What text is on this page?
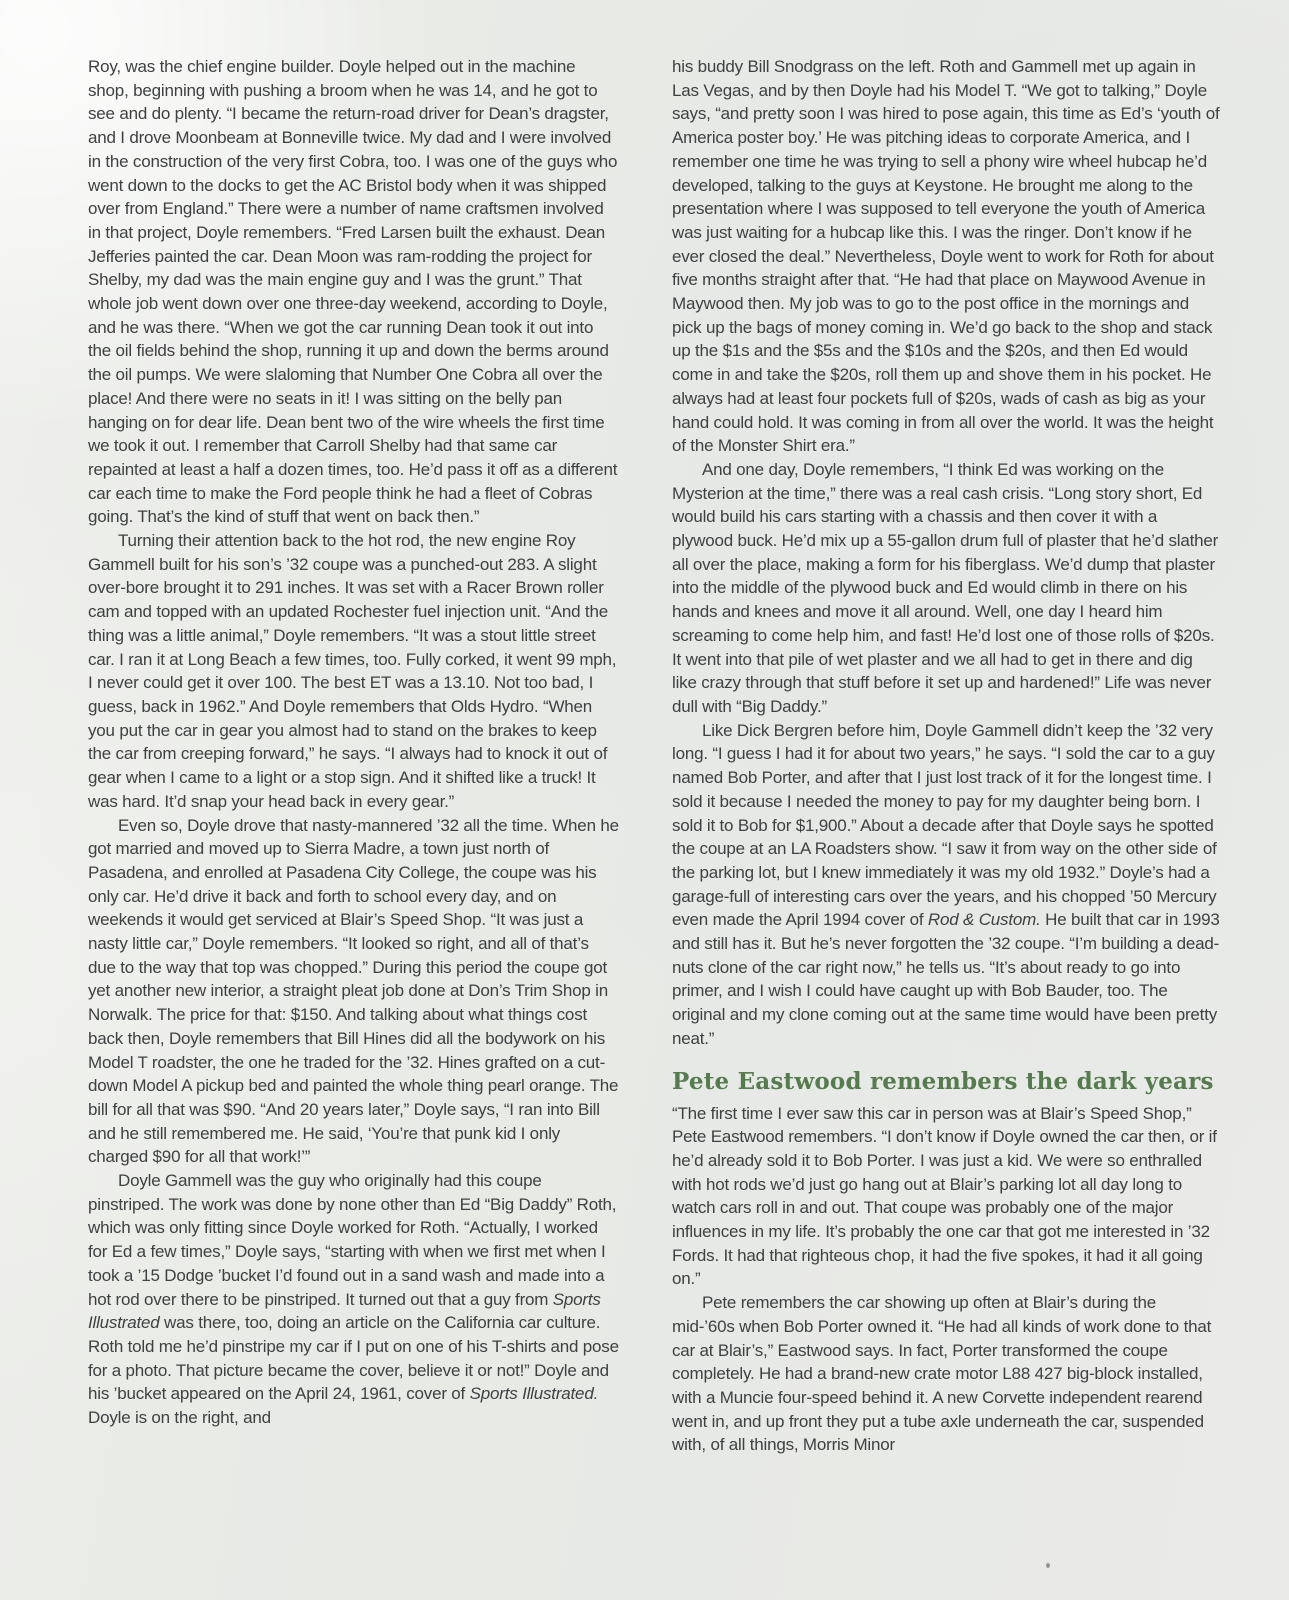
Roy, was the chief engine builder. Doyle helped out in the machine shop, beginning with pushing a broom when he was 14, and he got to see and do plenty. “I became the return-road driver for Dean’s dragster, and I drove Moonbeam at Bonneville twice. My dad and I were involved in the construction of the very first Cobra, too. I was one of the guys who went down to the docks to get the AC Bristol body when it was shipped over from England.” There were a number of name craftsmen involved in that project, Doyle remembers. “Fred Larsen built the exhaust. Dean Jefferies painted the car. Dean Moon was ram-rodding the project for Shelby, my dad was the main engine guy and I was the grunt.” That whole job went down over one three-day weekend, according to Doyle, and he was there. “When we got the car running Dean took it out into the oil fields behind the shop, running it up and down the berms around the oil pumps. We were slaloming that Number One Cobra all over the place! And there were no seats in it! I was sitting on the belly pan hanging on for dear life. Dean bent two of the wire wheels the first time we took it out. I remember that Carroll Shelby had that same car repainted at least a half a dozen times, too. He’d pass it off as a different car each time to make the Ford people think he had a fleet of Cobras going. That’s the kind of stuff that went on back then.”

Turning their attention back to the hot rod, the new engine Roy Gammell built for his son’s ’32 coupe was a punched-out 283. A slight over-bore brought it to 291 inches. It was set with a Racer Brown roller cam and topped with an updated Rochester fuel injection unit. “And the thing was a little animal,” Doyle remembers. “It was a stout little street car. I ran it at Long Beach a few times, too. Fully corked, it went 99 mph, I never could get it over 100. The best ET was a 13.10. Not too bad, I guess, back in 1962.” And Doyle remembers that Olds Hydro. “When you put the car in gear you almost had to stand on the brakes to keep the car from creeping forward,” he says. “I always had to knock it out of gear when I came to a light or a stop sign. And it shifted like a truck! It was hard. It’d snap your head back in every gear.”

Even so, Doyle drove that nasty-mannered ’32 all the time. When he got married and moved up to Sierra Madre, a town just north of Pasadena, and enrolled at Pasadena City College, the coupe was his only car. He’d drive it back and forth to school every day, and on weekends it would get serviced at Blair’s Speed Shop. “It was just a nasty little car,” Doyle remembers. “It looked so right, and all of that’s due to the way that top was chopped.” During this period the coupe got yet another new interior, a straight pleat job done at Don’s Trim Shop in Norwalk. The price for that: $150. And talking about what things cost back then, Doyle remembers that Bill Hines did all the bodywork on his Model T roadster, the one he traded for the ’32. Hines grafted on a cut-down Model A pickup bed and painted the whole thing pearl orange. The bill for all that was $90. “And 20 years later,” Doyle says, “I ran into Bill and he still remembered me. He said, ‘You’re that punk kid I only charged $90 for all that work!’”

Doyle Gammell was the guy who originally had this coupe pinstriped. The work was done by none other than Ed “Big Daddy” Roth, which was only fitting since Doyle worked for Roth. “Actually, I worked for Ed a few times,” Doyle says, “starting with when we first met when I took a ’15 Dodge ’bucket I’d found out in a sand wash and made into a hot rod over there to be pinstriped. It turned out that a guy from Sports Illustrated was there, too, doing an article on the California car culture. Roth told me he’d pinstripe my car if I put on one of his T-shirts and pose for a photo. That picture became the cover, believe it or not!” Doyle and his ’bucket appeared on the April 24, 1961, cover of Sports Illustrated. Doyle is on the right, and

his buddy Bill Snodgrass on the left. Roth and Gammell met up again in Las Vegas, and by then Doyle had his Model T. “We got to talking,” Doyle says, “and pretty soon I was hired to pose again, this time as Ed’s ‘youth of America poster boy.’ He was pitching ideas to corporate America, and I remember one time he was trying to sell a phony wire wheel hubcap he’d developed, talking to the guys at Keystone. He brought me along to the presentation where I was supposed to tell everyone the youth of America was just waiting for a hubcap like this. I was the ringer. Don’t know if he ever closed the deal.” Nevertheless, Doyle went to work for Roth for about five months straight after that. “He had that place on Maywood Avenue in Maywood then. My job was to go to the post office in the mornings and pick up the bags of money coming in. We’d go back to the shop and stack up the $1s and the $5s and the $10s and the $20s, and then Ed would come in and take the $20s, roll them up and shove them in his pocket. He always had at least four pockets full of $20s, wads of cash as big as your hand could hold. It was coming in from all over the world. It was the height of the Monster Shirt era.”

And one day, Doyle remembers, “I think Ed was working on the Mysterion at the time,” there was a real cash crisis. “Long story short, Ed would build his cars starting with a chassis and then cover it with a plywood buck. He’d mix up a 55-gallon drum full of plaster that he’d slather all over the place, making a form for his fiberglass. We’d dump that plaster into the middle of the plywood buck and Ed would climb in there on his hands and knees and move it all around. Well, one day I heard him screaming to come help him, and fast! He’d lost one of those rolls of $20s. It went into that pile of wet plaster and we all had to get in there and dig like crazy through that stuff before it set up and hardened!” Life was never dull with “Big Daddy.”

Like Dick Bergren before him, Doyle Gammell didn’t keep the ’32 very long. “I guess I had it for about two years,” he says. “I sold the car to a guy named Bob Porter, and after that I just lost track of it for the longest time. I sold it because I needed the money to pay for my daughter being born. I sold it to Bob for $1,900.” About a decade after that Doyle says he spotted the coupe at an LA Roadsters show. “I saw it from way on the other side of the parking lot, but I knew immediately it was my old 1932.” Doyle’s had a garage-full of interesting cars over the years, and his chopped ’50 Mercury even made the April 1994 cover of Rod & Custom. He built that car in 1993 and still has it. But he’s never forgotten the ’32 coupe. “I’m building a dead-nuts clone of the car right now,” he tells us. “It’s about ready to go into primer, and I wish I could have caught up with Bob Bauder, too. The original and my clone coming out at the same time would have been pretty neat.”

Pete Eastwood remembers the dark years

“The first time I ever saw this car in person was at Blair’s Speed Shop,” Pete Eastwood remembers. “I don’t know if Doyle owned the car then, or if he’d already sold it to Bob Porter. I was just a kid. We were so enthralled with hot rods we’d just go hang out at Blair’s parking lot all day long to watch cars roll in and out. That coupe was probably one of the major influences in my life. It’s probably the one car that got me interested in ’32 Fords. It had that righteous chop, it had the five spokes, it had it all going on.”

Pete remembers the car showing up often at Blair’s during the mid-’60s when Bob Porter owned it. “He had all kinds of work done to that car at Blair’s,” Eastwood says. In fact, Porter transformed the coupe completely. He had a brand-new crate motor L88 427 big-block installed, with a Muncie four-speed behind it. A new Corvette independent rearend went in, and up front they put a tube axle underneath the car, suspended with, of all things, Morris Minor
